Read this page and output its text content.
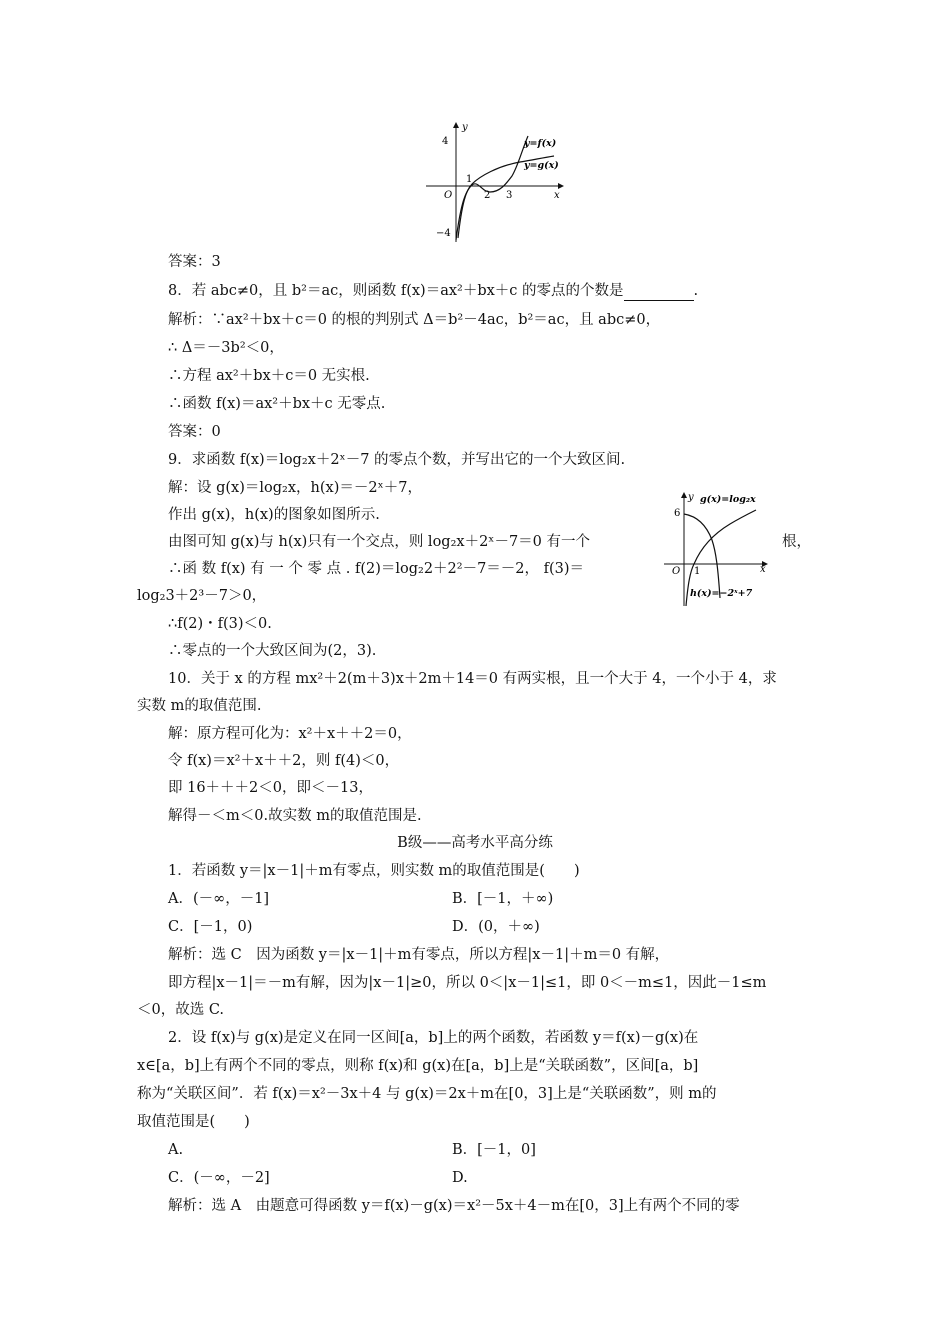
y
x
O
4
−4
1
2 3
y=f(x)
y=g(x)
y
x
O
6
1
g(x)=log₂x
h(x)=−2ˣ+7
答案：3
8．若 abc≠0，且 b²＝ac，则函数 f(x)＝ax²＋bx＋c 的零点的个数是	.
解析：∵ax²＋bx＋c＝0 的根的判别式 Δ＝b²－4ac，b²＝ac，且 abc≠0，
∴ Δ＝－3b²＜0，
∴方程 ax²＋bx＋c＝0 无实根.
∴函数 f(x)＝ax²＋bx＋c 无零点.
答案：0
9．求函数 f(x)＝log₂x＋2ˣ－7 的零点个数，并写出它的一个大致区间.
解：设 g(x)＝log₂x，h(x)＝－2ˣ＋7，
作出 g(x)，h(x)的图象如图所示.
由图可知 g(x)与 h(x)只有一个交点，则 log₂x＋2ˣ－7＝0 有一个	根，
∴函 数 f(x) 有 一 个 零 点 . f(2)＝log₂2＋2²－7＝－2， f(3)＝
log₂3＋2³－7＞0，
∴f(2)・f(3)＜0.
∴零点的一个大致区间为(2，3).
10．关于 x 的方程 mx²＋2(m＋3)x＋2m＋14＝0 有两实根，且一个大于 4，一个小于 4，求
实数 m的取值范围.
解：原方程可化为：x²＋x＋＋2＝0，
令 f(x)＝x²＋x＋＋2，则 f(4)＜0，
即 16＋＋＋2＜0，即＜－13，
解得－＜m＜0.故实数 m的取值范围是.
B级——高考水平高分练
1．若函数 y＝|x－1|＋m有零点，则实数 m的取值范围是(　　)
A．(－∞，－1]	B．[－1，＋∞)
C．[－1，0)	D．(0，＋∞)
解析：选 C　因为函数 y＝|x－1|＋m有零点，所以方程|x－1|＋m＝0 有解，
即方程|x－1|＝－m有解，因为|x－1|≥0，所以 0＜|x－1|≤1，即 0＜－m≤1，因此－1≤m
＜0，故选 C.
2．设 f(x)与 g(x)是定义在同一区间[a，b]上的两个函数，若函数 y＝f(x)－g(x)在
x∈[a，b]上有两个不同的零点，则称 f(x)和 g(x)在[a，b]上是“关联函数”，区间[a，b]
称为“关联区间”．若 f(x)＝x²－3x＋4 与 g(x)＝2x＋m在[0，3]上是“关联函数”，则 m的
取值范围是(　　)
A.	B．[－1，0]
C．(－∞，－2]	D.
解析：选 A　由题意可得函数 y＝f(x)－g(x)＝x²－5x＋4－m在[0，3]上有两个不同的零
